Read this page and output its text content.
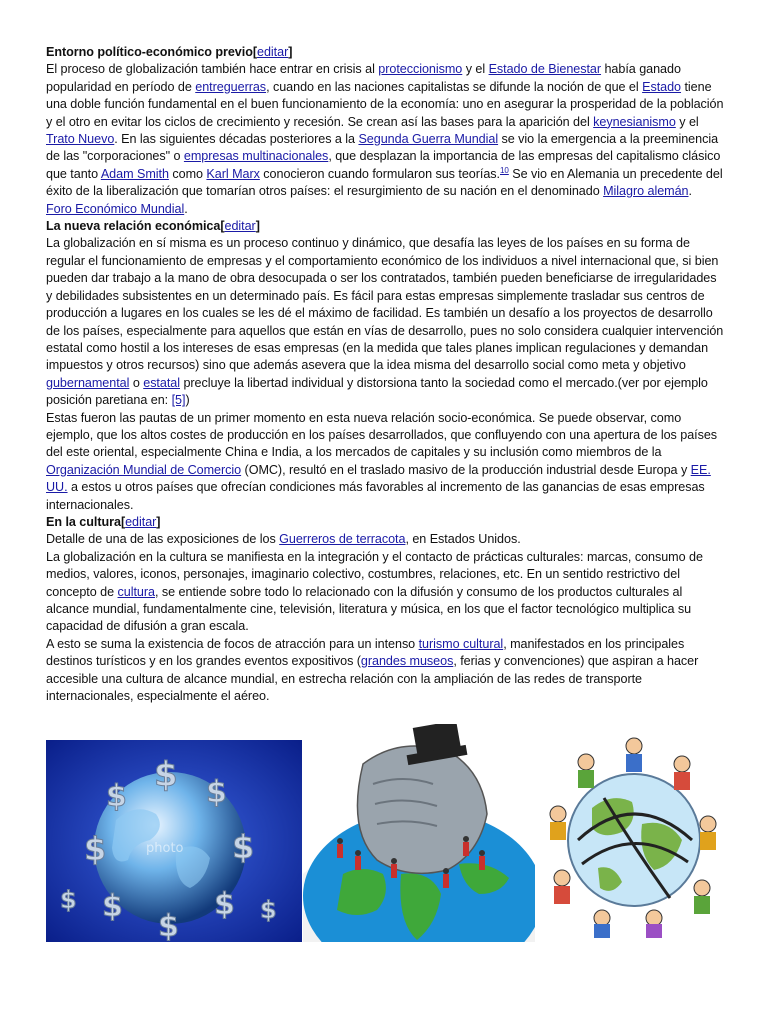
Entorno político-económico previo[editar]

El proceso de globalización también hace entrar en crisis al proteccionismo y el Estado de Bienestar había ganado popularidad en período de entreguerras, cuando en las naciones capitalistas se difunde la noción de que el Estado tiene una doble función fundamental en el buen funcionamiento de la economía: uno en asegurar la prosperidad de la población y el otro en evitar los ciclos de crecimiento y recesión. Se crean así las bases para la aparición del keynesianismo y el Trato Nuevo. En las siguientes décadas posteriores a la Segunda Guerra Mundial se vio la emergencia a la preeminencia de las "corporaciones" o empresas multinacionales, que desplazan la importancia de las empresas del capitalismo clásico que tanto Adam Smith como Karl Marx conocieron cuando formularon sus teorías.$^{10}$ Se vio en Alemania un precedente del éxito de la liberalización que tomarían otros países: el resurgimiento de su nación en el denominado Milagro alemán.

Foro Económico Mundial.

La nueva relación económica[editar]

La globalización en sí misma es un proceso continuo y dinámico, que desafía las leyes de los países en su forma de regular el funcionamiento de empresas y el comportamiento económico de los individuos a nivel internacional que, si bien pueden dar trabajo a la mano de obra desocupada o ser los contratados, también pueden beneficiarse de irregularidades y debilidades subsistentes en un determinado país. Es fácil para estas empresas simplemente trasladar sus centros de producción a lugares en los cuales se les dé el máximo de facilidad. Es también un desafío a los proyectos de desarrollo de los países, especialmente para aquellos que están en vías de desarrollo, pues no solo considera cualquier intervención estatal como hostil a los intereses de esas empresas (en la medida que tales planes implican regulaciones y demandan impuestos y otros recursos) sino que además asevera que la idea misma del desarrollo social como meta y objetivo gubernamental o estatal precluye la libertad individual y distorsiona tanto la sociedad como el mercado.(ver por ejemplo posición paretiana en: [5])

Estas fueron las pautas de un primer momento en esta nueva relación socio-económica. Se puede observar, como ejemplo, que los altos costes de producción en los países desarrollados, que confluyendo con una apertura de los países del este oriental, especialmente China e India, a los mercados de capitales y su inclusión como miembros de la Organización Mundial de Comercio (OMC), resultó en el traslado masivo de la producción industrial desde Europa y EE. UU. a estos u otros países que ofrecían condiciones más favorables al incremento de las ganancias de esas empresas internacionales.

En la cultura[editar]

Detalle de una de las exposiciones de los Guerreros de terracota, en Estados Unidos.

La globalización en la cultura se manifiesta en la integración y el contacto de prácticas culturales: marcas, consumo de medios, valores, iconos, personajes, imaginario colectivo, costumbres, relaciones, etc. En un sentido restrictivo del concepto de cultura, se entiende sobre todo lo relacionado con la difusión y consumo de los productos culturales al alcance mundial, fundamentalmente cine, televisión, literatura y música, en los que el factor tecnológico multiplica su capacidad de difusión a gran escala.

A esto se suma la existencia de focos de atracción para un intenso turismo cultural, manifestados en los principales destinos turísticos y en los grandes eventos expositivos (grandes museos, ferias y convenciones) que aspiran a hacer accesible una cultura de alcance mundial, en estrecha relación con la ampliación de las redes de transporte internacionales, especialmente el aéreo.

$
$ $
$	$
$
$
$
$	$
photo
